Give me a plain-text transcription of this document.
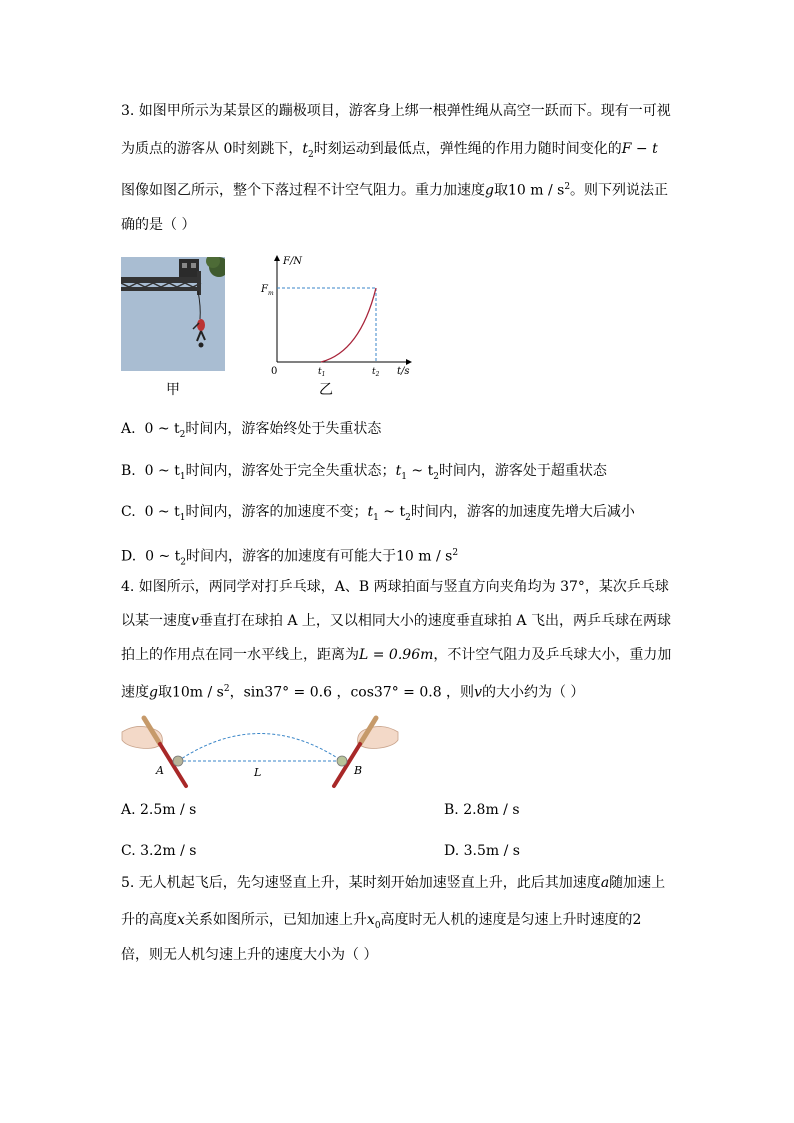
3. 如图甲所示为某景区的蹦极项目，游客身上绑一根弹性绳从高空一跃而下。现有一可视
为质点的游客从 0时刻跳下，$t_2$时刻运动到最低点，弹性绳的作用力随时间变化的F − t
图像如图乙所示，整个下落过程不计空气阻力。重力加速度g取10 m / $s^2$。则下列说法正
确的是（ ）
甲
F/N
$F_m$
0	$t_1$	$t_2$ t/s
乙
A. 0 ~ $t_2$时间内，游客始终处于失重状态
B. 0 ~ $t_1$时间内，游客处于完全失重状态；$t_1$ ~ $t_2$时间内，游客处于超重状态
C. 0 ~ $t_1$时间内，游客的加速度不变；$t_1$ ~ $t_2$时间内，游客的加速度先增大后减小
D. 0 ~ $t_2$时间内，游客的加速度有可能大于10 m / $s^2$
4. 如图所示，两同学对打乒乓球，A、B 两球拍面与竖直方向夹角均为 37°，某次乒乓球
以某一速度v垂直打在球拍 A 上，又以相同大小的速度垂直球拍 A 飞出，两乒乓球在两球
拍上的作用点在同一水平线上，距离为L = 0.96m，不计空气阻力及乒乓球大小，重力加
速度g取$10m / s^2$，sin37° = 0.6 ，cos37° = 0.8 ，则v的大小约为（ ）
A	B
L
A. 2.5m / s	B. 2.8m / s
C. 3.2m / s	D. 3.5m / s
5. 无人机起飞后，先匀速竖直上升，某时刻开始加速竖直上升，此后其加速度a随加速上
升的高度x关系如图所示，已知加速上升$x_0$高度时无人机的速度是匀速上升时速度的2
倍，则无人机匀速上升的速度大小为（ ）
